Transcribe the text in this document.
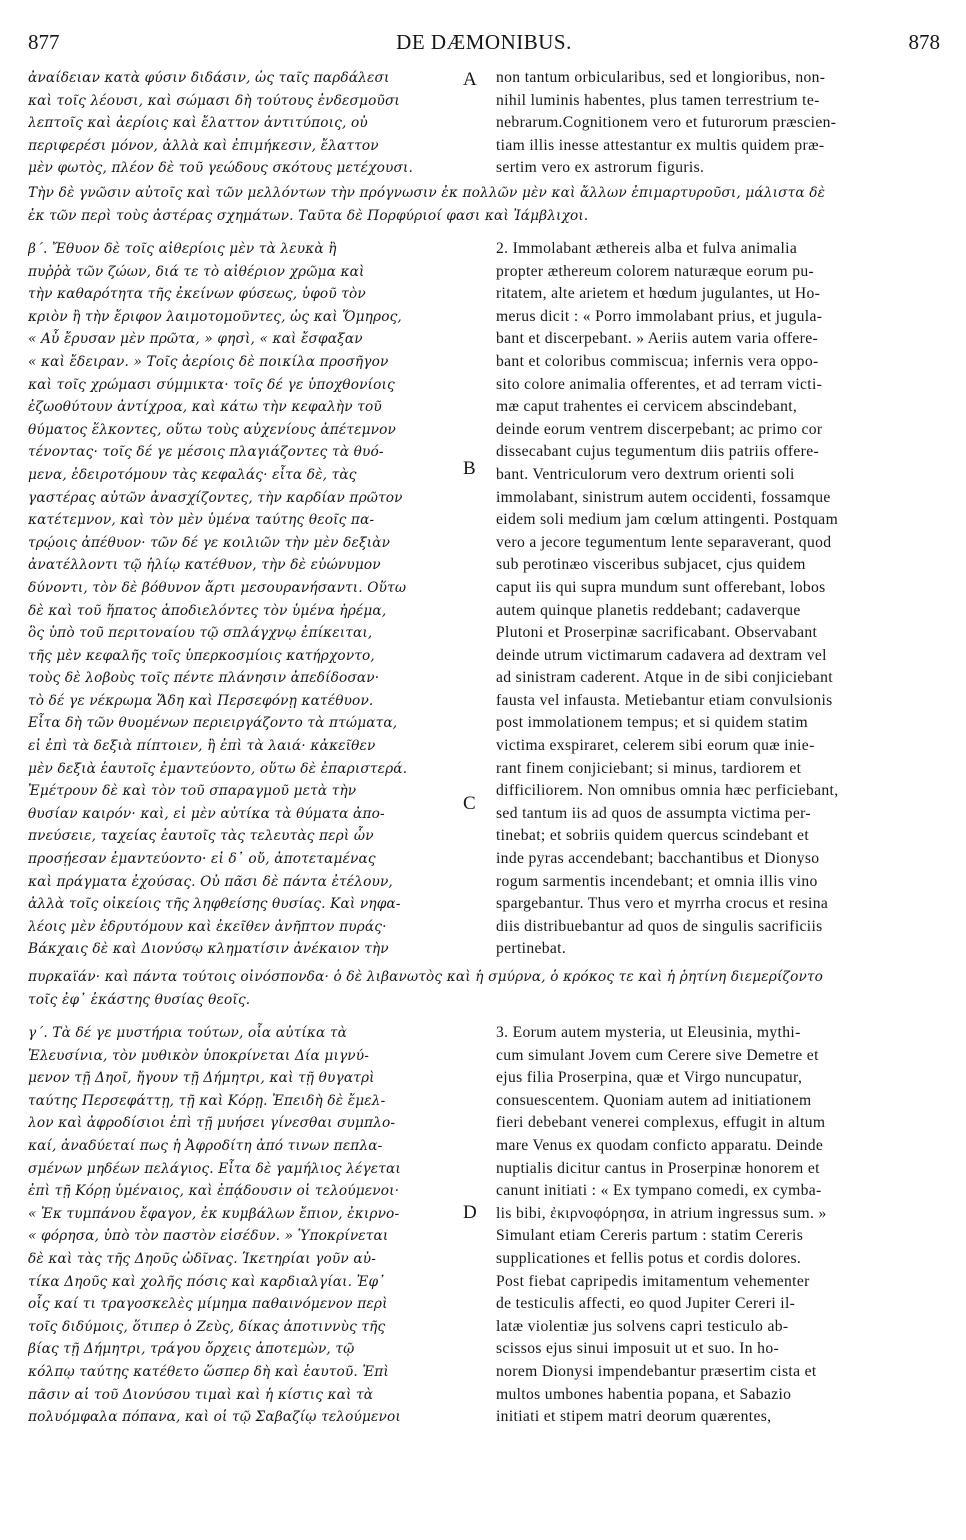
877	DE DÆMONIBUS.	878
ἀναίδειαν κατὰ φύσιν διδάσιν, ὡς ταῖς παρδάλεσι
καὶ τοῖς λέουσι, καὶ σώμασι δὴ τούτους ἐνδεσμοῦσι
λεπτοῖς καὶ ἀερίοις καὶ ἔλαττον ἀντιτύποις, οὐ
περιφερέσι μόνον, ἀλλὰ καὶ ἐπιμήκεσιν, ἔλαττον
μὲν φωτὸς, πλέον δὲ τοῦ γεώδους σκότους μετέχουσι.
non tantum orbicularibus, sed et longioribus, non-
nihil luminis habentes, plus tamen terrestrium te-
nebrarum.Cognitionem vero et futurorum præscien-
tiam illis inesse attestantur ex multis quidem præ-
sertim vero ex astrorum figuris.
Τὴν δὲ γνῶσιν αὐτοῖς καὶ τῶν μελλόντων τὴν πρόγνωσιν ἐκ πολλῶν μὲν καὶ ἄλλων ἐπιμαρτυροῦσι, μάλιστα δὲ
ἐκ τῶν περὶ τοὺς ἀστέρας σχημάτων. Ταῦτα δὲ Πορφύριοί φασι καὶ Ἰάμβλιχοι.
β´. Ἔθυον δὲ τοῖς αἰθερίοις μὲν τὰ λευκὰ ἢ
πυῤῥὰ τῶν ζώων, διά τε τὸ αἰθέριον χρῶμα καὶ
τὴν καθαρότητα τῆς ἐκείνων φύσεως, ὑφοῦ τὸν
κριὸν ἢ τὴν ἔριφον λαιμοτομοῦντες, ὡς καὶ Ὅμηρος,
« Αὖ ἔρυσαν μὲν πρῶτα, » φησὶ, « καὶ ἔσφαξαν
« καὶ ἔδειραν. » Τοῖς ἀερίοις δὲ ποικίλα προσῆγον
καὶ τοῖς χρώμασι σύμμικτα· τοῖς δέ γε ὑποχθονίοις
ἐζωοθύτουν ἀντίχροα, καὶ κάτω τὴν κεφαλὴν τοῦ
θύματος ἕλκοντες, οὕτω τοὺς αὐχενίους ἀπέτεμνον
τένοντας· τοῖς δέ γε μέσοις πλαγιάζοντες τὰ θυό-
μενα, ἐδειροτόμουν τὰς κεφαλάς· εἶτα δὲ, τὰς
γαστέρας αὐτῶν ἀνασχίζοντες, τὴν καρδίαν πρῶτον
κατέτεμνον, καὶ τὸν μὲν ὑμένα ταύτης θεοῖς πα-
τρῴοις ἀπέθυον· τῶν δέ γε κοιλιῶν τὴν μὲν δεξιὰν
ἀνατέλλοντι τῷ ἡλίῳ κατέθυον, τὴν δὲ εὐώνυμον
δύνοντι, τὸν δὲ βόθυνον ἄρτι μεσουρανήσαντι. Οὕτω
δὲ καὶ τοῦ ἥπατος ἀποδιελόντες τὸν ὑμένα ἠρέμα,
ὃς ὑπὸ τοῦ περιτοναίου τῷ σπλάγχνῳ ἐπίκειται,
τῆς μὲν κεφαλῆς τοῖς ὑπερκοσμίοις κατήρχοντο,
τοὺς δὲ λοβοὺς τοῖς πέντε πλάνησιν ἀπεδίδοσαν·
τὸ δέ γε νέκρωμα Ἅδη καὶ Περσεφόνῃ κατέθυον.
Εἶτα δὴ τῶν θυομένων περιειργάζοντο τὰ πτώματα,
εἰ ἐπὶ τὰ δεξιὰ πίπτοιεν, ἢ ἐπὶ τὰ λαιά· κἀκεῖθεν
μὲν δεξιὰ ἑαυτοῖς ἐμαντεύοντο, οὕτω δὲ ἐπαριστερά.
Ἐμέτρουν δὲ καὶ τὸν τοῦ σπαραγμοῦ μετὰ τὴν
θυσίαν καιρόν· καὶ, εἰ μὲν αὐτίκα τὰ θύματα ἀπο-
πνεύσειε, ταχείας ἑαυτοῖς τὰς τελευτὰς περὶ ὧν
προσῄεσαν ἐμαντεύοντο· εἰ δ᾽ οὔ, ἀποτεταμένας
καὶ πράγματα ἐχούσας. Οὐ πᾶσι δὲ πάντα ἐτέλουν,
ἀλλὰ τοῖς οἰκείοις τῆς ληφθείσης θυσίας. Καὶ νηφα-
λέοις μὲν ἐδρυτόμουν καὶ ἐκεῖθεν ἀνῆπτον πυράς·
Βάκχαις δὲ καὶ Διονύσῳ κληματίσιν ἀνέκαιον τὴν
2. Immolabant æthereis alba et fulva animalia
propter æthereum colorem naturæque eorum pu-
ritatem, alte arietem et hœdum jugulantes, ut Ho-
merus dicit : « Porro immolabant prius, et jugula-
bant et discerpebant. » Aeriis autem varia offere-
bant et coloribus commiscua; infernis vera oppo-
sito colore animalia offerentes, et ad terram victi-
mæ caput trahentes ei cervicem abscindebant,
deinde eorum ventrem discerpebant; ac primo cor
dissecabant cujus tegumentum diis patriis offere-
bant. Ventriculorum vero dextrum orienti soli
immolabant, sinistrum autem occidenti, fossamque
eidem soli medium jam cœlum attingenti. Postquam
vero a jecore tegumentum lente separaverant, quod
sub perotinæo visceribus subjacet, cjus quidem
caput iis qui supra mundum sunt offerebant, lobos
autem quinque planetis reddebant; cadaverque
Plutoni et Proserpinæ sacrificabant. Observabant
deinde utrum victimarum cadavera ad dextram vel
ad sinistram caderent. Atque in de sibi conjiciebant
fausta vel infausta. Metiebantur etiam convulsionis
post immolationem tempus; et si quidem statim
victima exspiraret, celerem sibi eorum quæ inie-
rant finem conjiciebant; si minus, tardiorem et
difficiliorem. Non omnibus omnia hæc perficiebant,
sed tantum iis ad quos de assumpta victima per-
tinebat; et sobriis quidem quercus scindebant et
inde pyras accendebant; bacchantibus et Dionyso
rogum sarmentis incendebant; et omnia illis vino
spargebantur. Thus vero et myrrha crocus et resina
diis distribuebantur ad quos de singulis sacrificiis
pertinebat.
πυρκαϊάν· καὶ πάντα τούτοις οἰνόσπονδα· ὁ δὲ λιβανωτὸς καὶ ἡ σμύρνα, ὁ κρόκος τε καὶ ἡ ῥητίνη διεμερίζοντο
τοῖς ἐφ᾽ ἑκάστης θυσίας θεοῖς.
γ´. Τὰ δέ γε μυστήρια τούτων, οἷα αὐτίκα τὰ
Ἐλευσίνια, τὸν μυθικὸν ὑποκρίνεται Δία μιγνύ-
μενον τῇ Δηοῖ, ἤγουν τῇ Δήμητρι, καὶ τῇ θυγατρὶ
ταύτης Περσεφάττῃ, τῇ καὶ Κόρῃ. Ἐπειδὴ δὲ ἔμελ-
λον καὶ ἀφροδίσιοι ἐπὶ τῇ μυήσει γίνεσθαι συμπλο-
καί, ἀναδύεταί πως ἡ Ἀφροδίτη ἀπό τινων πεπλα-
σμένων μηδέων πελάγιος. Εἶτα δὲ γαμήλιος λέγεται
ἐπὶ τῇ Κόρῃ ὑμέναιος, καὶ ἐπᾴδουσιν οἱ τελούμενοι·
« Ἐκ τυμπάνου ἔφαγον, ἐκ κυμβάλων ἔπιον, ἐκιρνο-
« φόρησα, ὑπὸ τὸν παστὸν εἰσέδυν. » Ὑποκρίνεται
δὲ καὶ τὰς τῆς Δηοῦς ὠδῖνας. Ἱκετηρίαι γοῦν αὐ-
τίκα Δηοῦς καὶ χολῆς πόσις καὶ καρδιαλγίαι. Ἐφ᾽
οἷς καί τι τραγοσκελὲς μίμημα παθαινόμενον περὶ
τοῖς διδύμοις, ὅτιπερ ὁ Ζεὺς, δίκας ἀποτιννὺς τῆς
βίας τῇ Δήμητρι, τράγου ὄρχεις ἀποτεμὼν, τῷ
κόλπῳ ταύτης κατέθετο ὥσπερ δὴ καὶ ἑαυτοῦ. Ἐπὶ
πᾶσιν αἱ τοῦ Διονύσου τιμαὶ καὶ ἡ κίστις καὶ τὰ
πολυόμφαλα πόπανα, καὶ οἱ τῷ Σαβαζίῳ τελούμενοι
3. Eorum autem mysteria, ut Eleusinia, mythi-
cum simulant Jovem cum Cerere sive Demetre et
ejus filia Proserpina, quæ et Virgo nuncupatur,
consuescentem. Quoniam autem ad initiationem
fieri debebant venerei complexus, effugit in altum
mare Venus ex quodam conficto apparatu. Deinde
nuptialis dicitur cantus in Proserpinæ honorem et
canunt initiati : « Ex tympano comedi, ex cymba-
lis bibi, ἐκιρνοφόρησα, in atrium ingressus sum. »
Simulant etiam Cereris partum : statim Cereris
supplicationes et fellis potus et cordis dolores.
Post fiebat capripedis imitamentum vehementer
de testiculis affecti, eo quod Jupiter Cereri il-
latæ violentiæ jus solvens capri testiculo ab-
scissos ejus sinui imposuit ut et suo. In ho-
norem Dionysi impendebantur præsertim cista et
multos umbones habentia popana, et Sabazio
initiati et stipem matri deorum quærentes,
A
B
C
D
